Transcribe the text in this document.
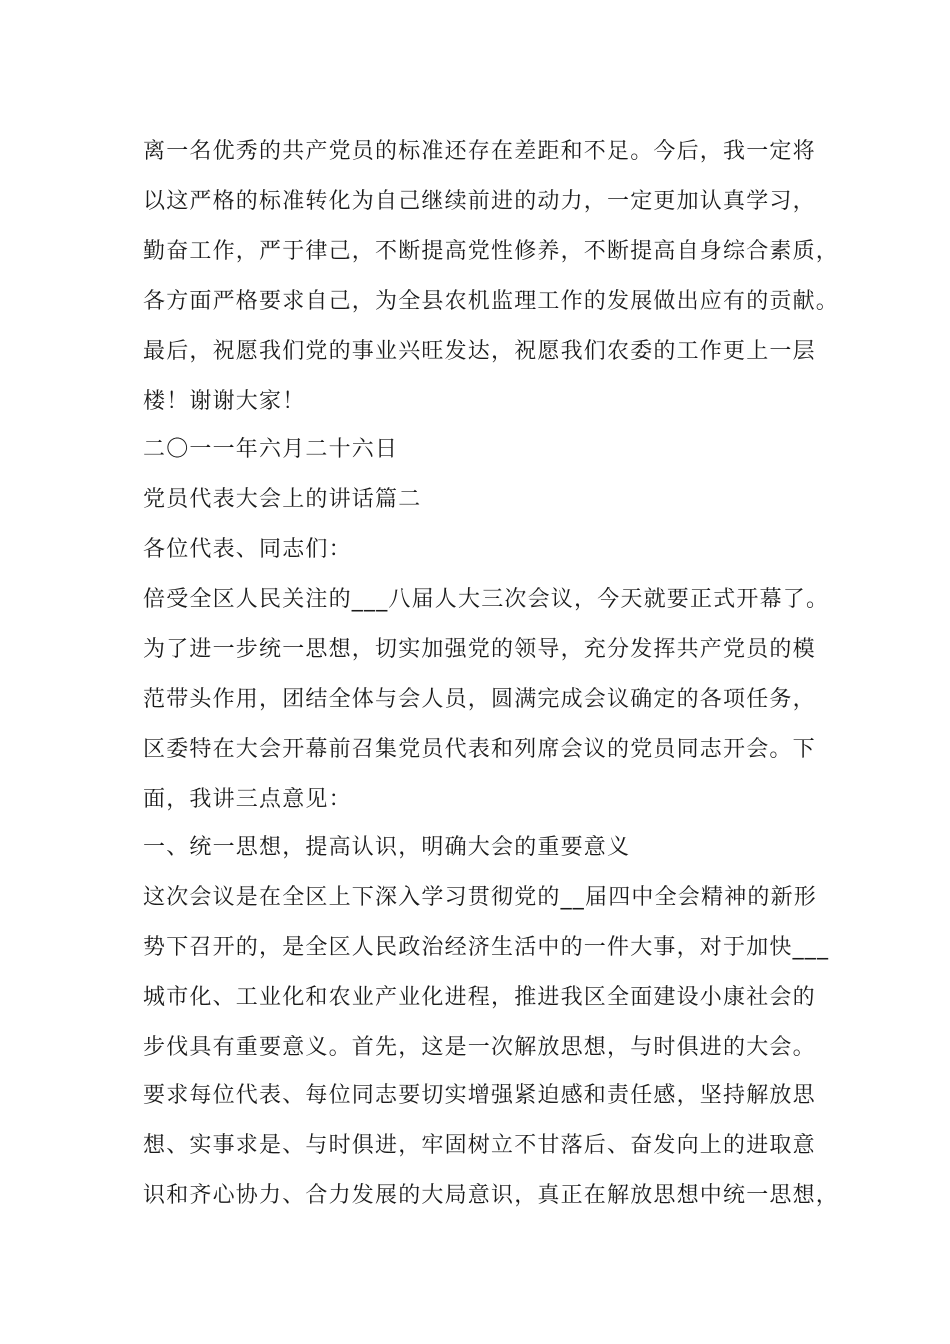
离一名优秀的共产党员的标准还存在差距和不足。今后，我一定将
以这严格的标准转化为自己继续前进的动力，一定更加认真学习，
勤奋工作，严于律己，不断提高党性修养，不断提高自身综合素质，
各方面严格要求自己，为全县农机监理工作的发展做出应有的贡献。
最后，祝愿我们党的事业兴旺发达，祝愿我们农委的工作更上一层
楼！谢谢大家！
二〇一一年六月二十六日
党员代表大会上的讲话篇二
各位代表、同志们：
倍受全区人民关注的___八届人大三次会议，今天就要正式开幕了。
为了进一步统一思想，切实加强党的领导，充分发挥共产党员的模
范带头作用，团结全体与会人员，圆满完成会议确定的各项任务，
区委特在大会开幕前召集党员代表和列席会议的党员同志开会。下
面，我讲三点意见：
一、统一思想，提高认识，明确大会的重要意义
这次会议是在全区上下深入学习贯彻党的__届四中全会精神的新形
势下召开的，是全区人民政治经济生活中的一件大事，对于加快___
城市化、工业化和农业产业化进程，推进我区全面建设小康社会的
步伐具有重要意义。首先，这是一次解放思想，与时俱进的大会。
要求每位代表、每位同志要切实增强紧迫感和责任感，坚持解放思
想、实事求是、与时俱进，牢固树立不甘落后、奋发向上的进取意
识和齐心协力、合力发展的大局意识，真正在解放思想中统一思想，
